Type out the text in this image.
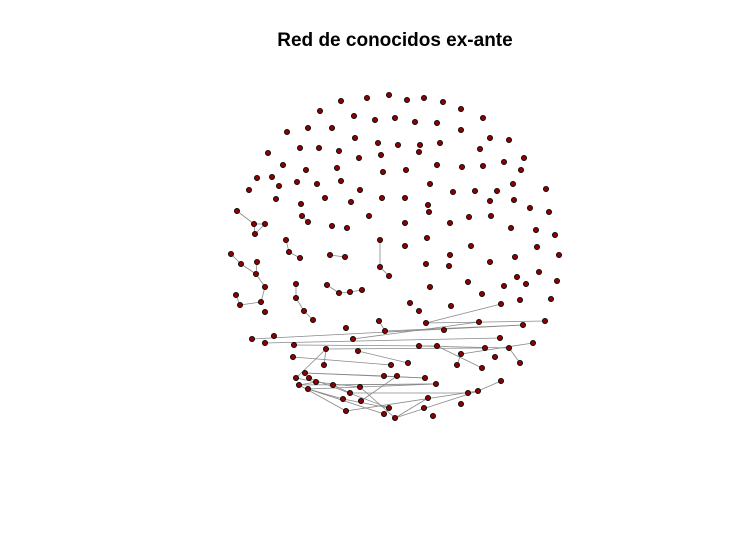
Red de conocidos ex-ante
